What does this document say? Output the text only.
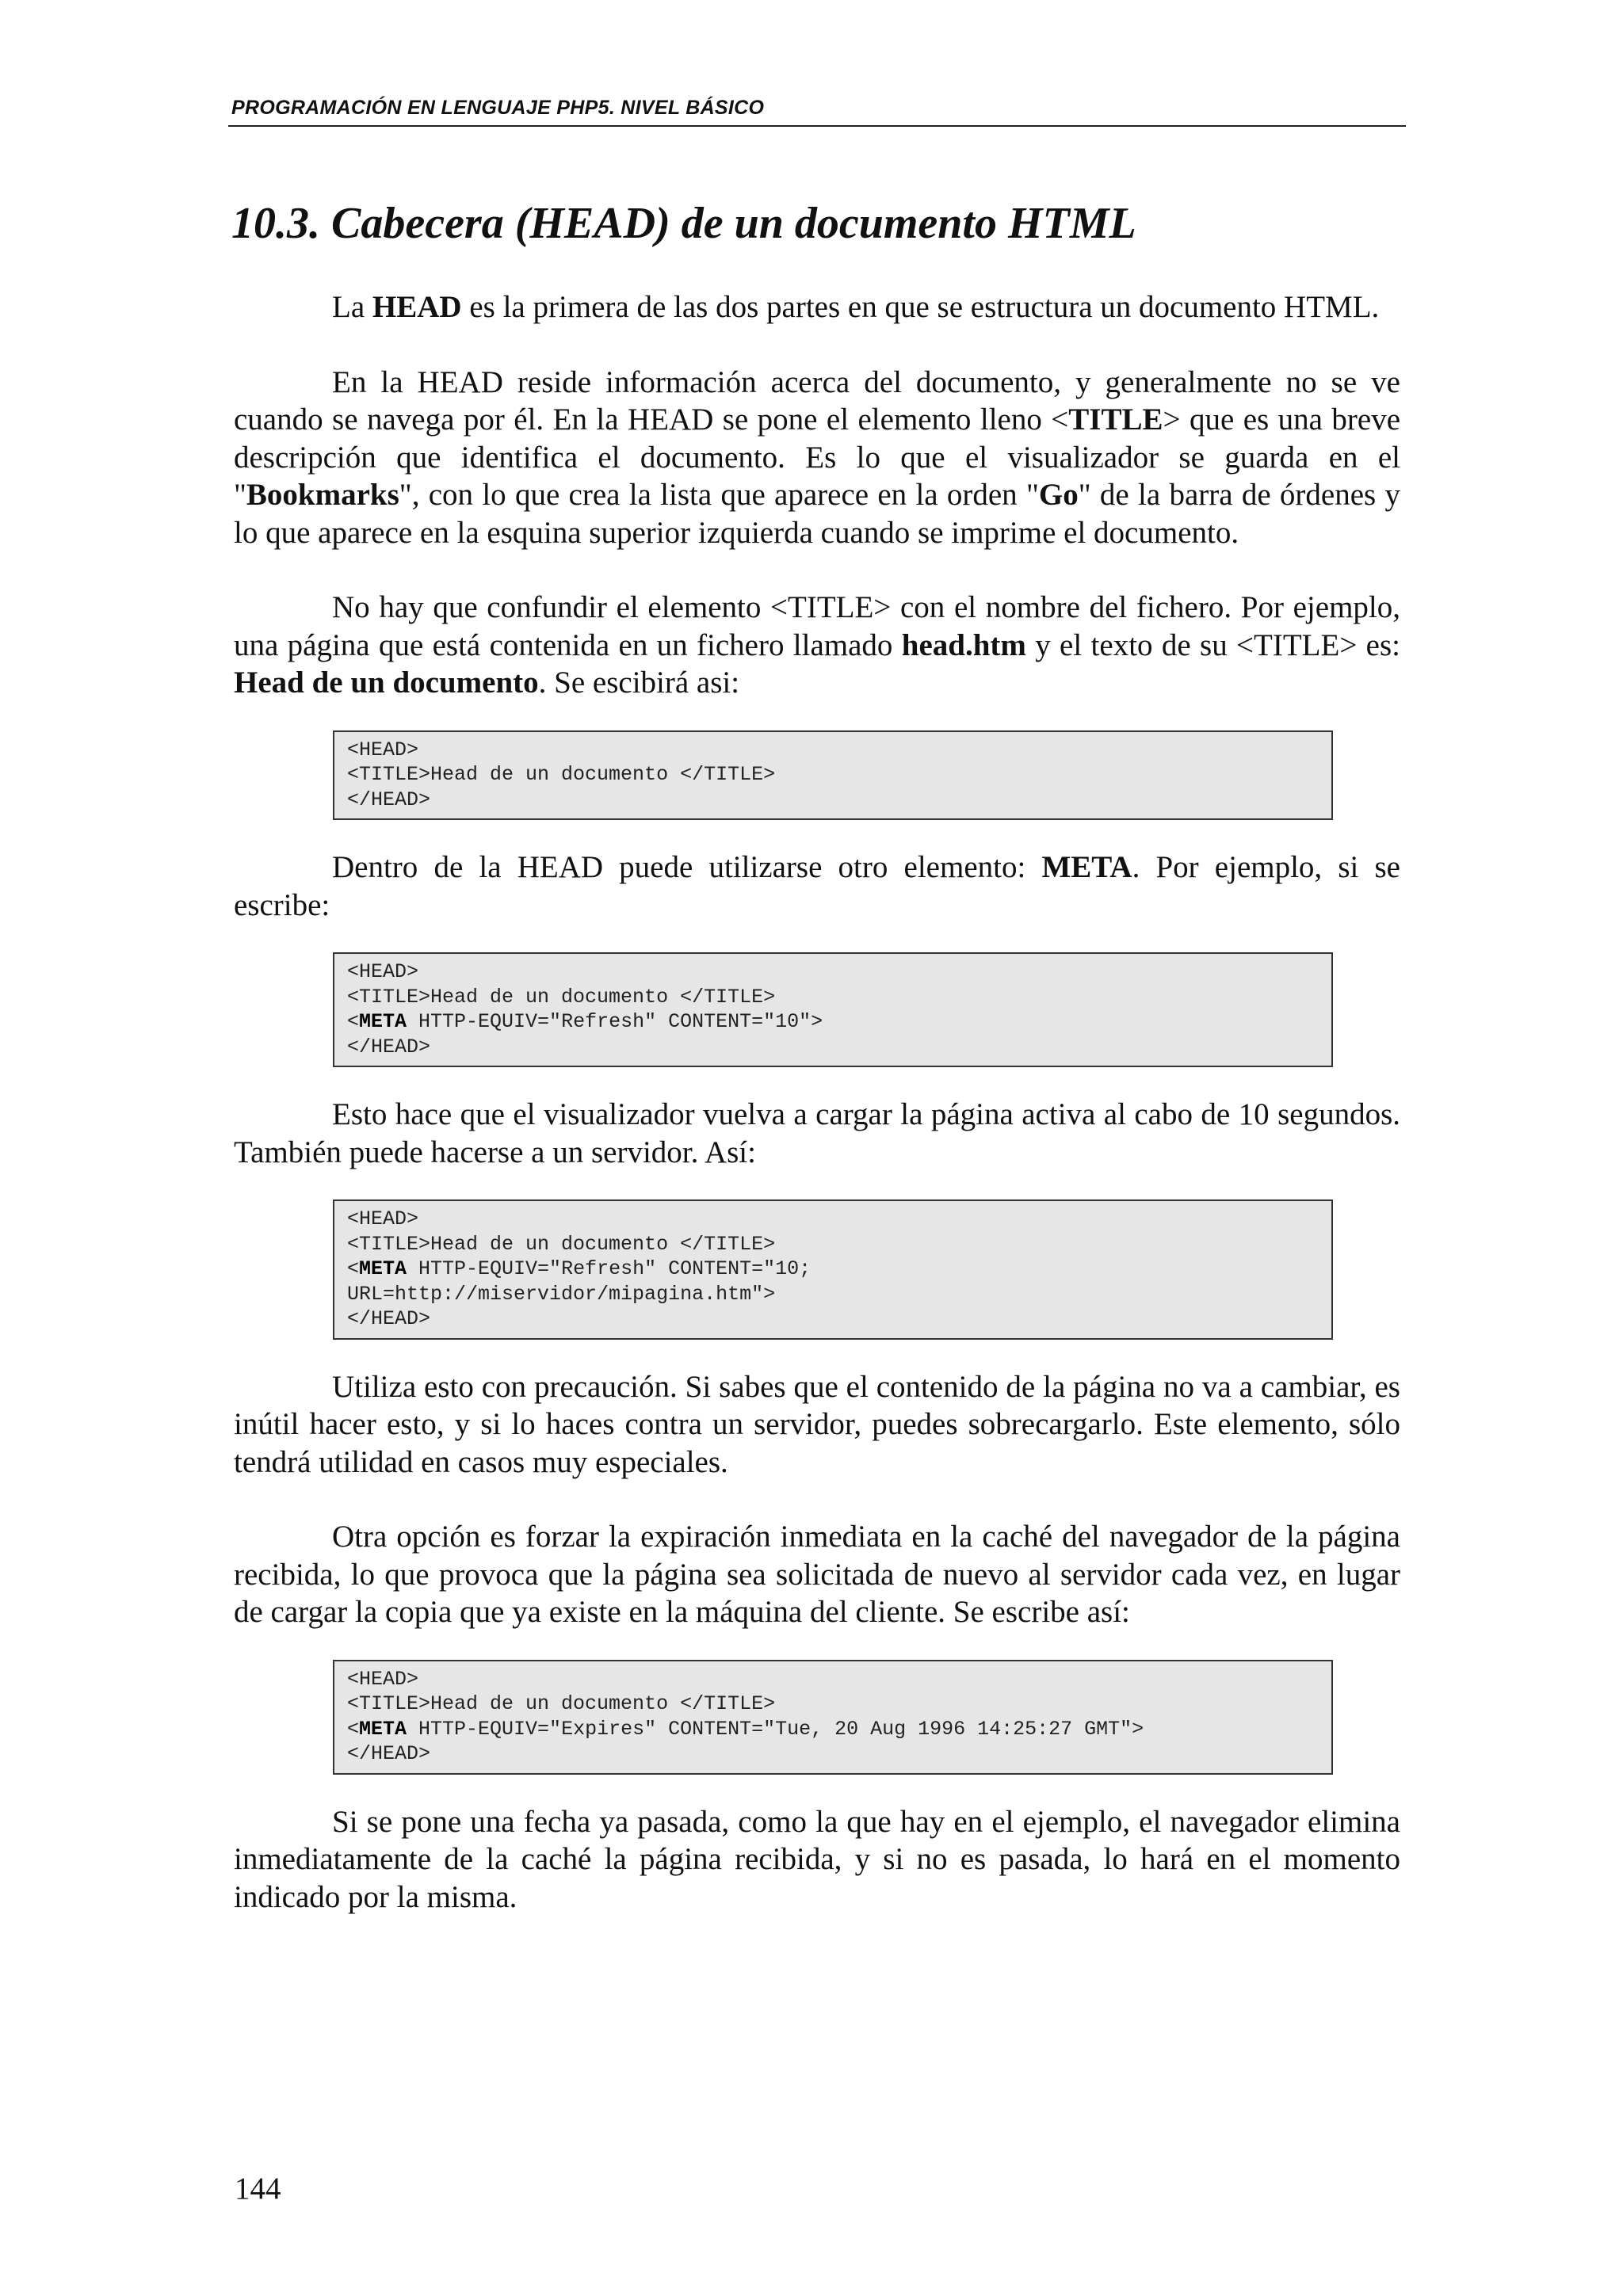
PROGRAMACIÓN EN LENGUAJE PHP5. NIVEL BÁSICO
10.3. Cabecera (HEAD) de un documento HTML

La HEAD es la primera de las dos partes en que se estructura un documento HTML.

En la HEAD reside información acerca del documento, y generalmente no se ve cuando se navega por él. En la HEAD se pone el elemento lleno <TITLE> que es una breve descripción que identifica el documento. Es lo que el visualizador se guarda en el "Bookmarks", con lo que crea la lista que aparece en la orden "Go" de la barra de órdenes y lo que aparece en la esquina superior izquierda cuando se imprime el documento.

No hay que confundir el elemento <TITLE> con el nombre del fichero. Por ejemplo, una página que está contenida en un fichero llamado head.htm y el texto de su <TITLE> es: Head de un documento. Se escibirá asi:

<HEAD>
<TITLE>Head de un documento </TITLE>
</HEAD>

Dentro de la HEAD puede utilizarse otro elemento: META. Por ejemplo, si se escribe:

<HEAD>
<TITLE>Head de un documento </TITLE>
<META HTTP-EQUIV="Refresh" CONTENT="10">
</HEAD>

Esto hace que el visualizador vuelva a cargar la página activa al cabo de 10 segundos. También puede hacerse a un servidor. Así:

<HEAD>
<TITLE>Head de un documento </TITLE>
<META HTTP-EQUIV="Refresh" CONTENT="10;
URL=http://miservidor/mipagina.htm">
</HEAD>

Utiliza esto con precaución. Si sabes que el contenido de la página no va a cambiar, es inútil hacer esto, y si lo haces contra un servidor, puedes sobrecargarlo. Este elemento, sólo tendrá utilidad en casos muy especiales.

Otra opción es forzar la expiración inmediata en la caché del navegador de la página recibida, lo que provoca que la página sea solicitada de nuevo al servidor cada vez, en lugar de cargar la copia que ya existe en la máquina del cliente. Se escribe así:

<HEAD>
<TITLE>Head de un documento </TITLE>
<META HTTP-EQUIV="Expires" CONTENT="Tue, 20 Aug 1996 14:25:27 GMT">
</HEAD>

Si se pone una fecha ya pasada, como la que hay en el ejemplo, el navegador elimina inmediatamente de la caché la página recibida, y si no es pasada, lo hará en el momento indicado por la misma.

144
